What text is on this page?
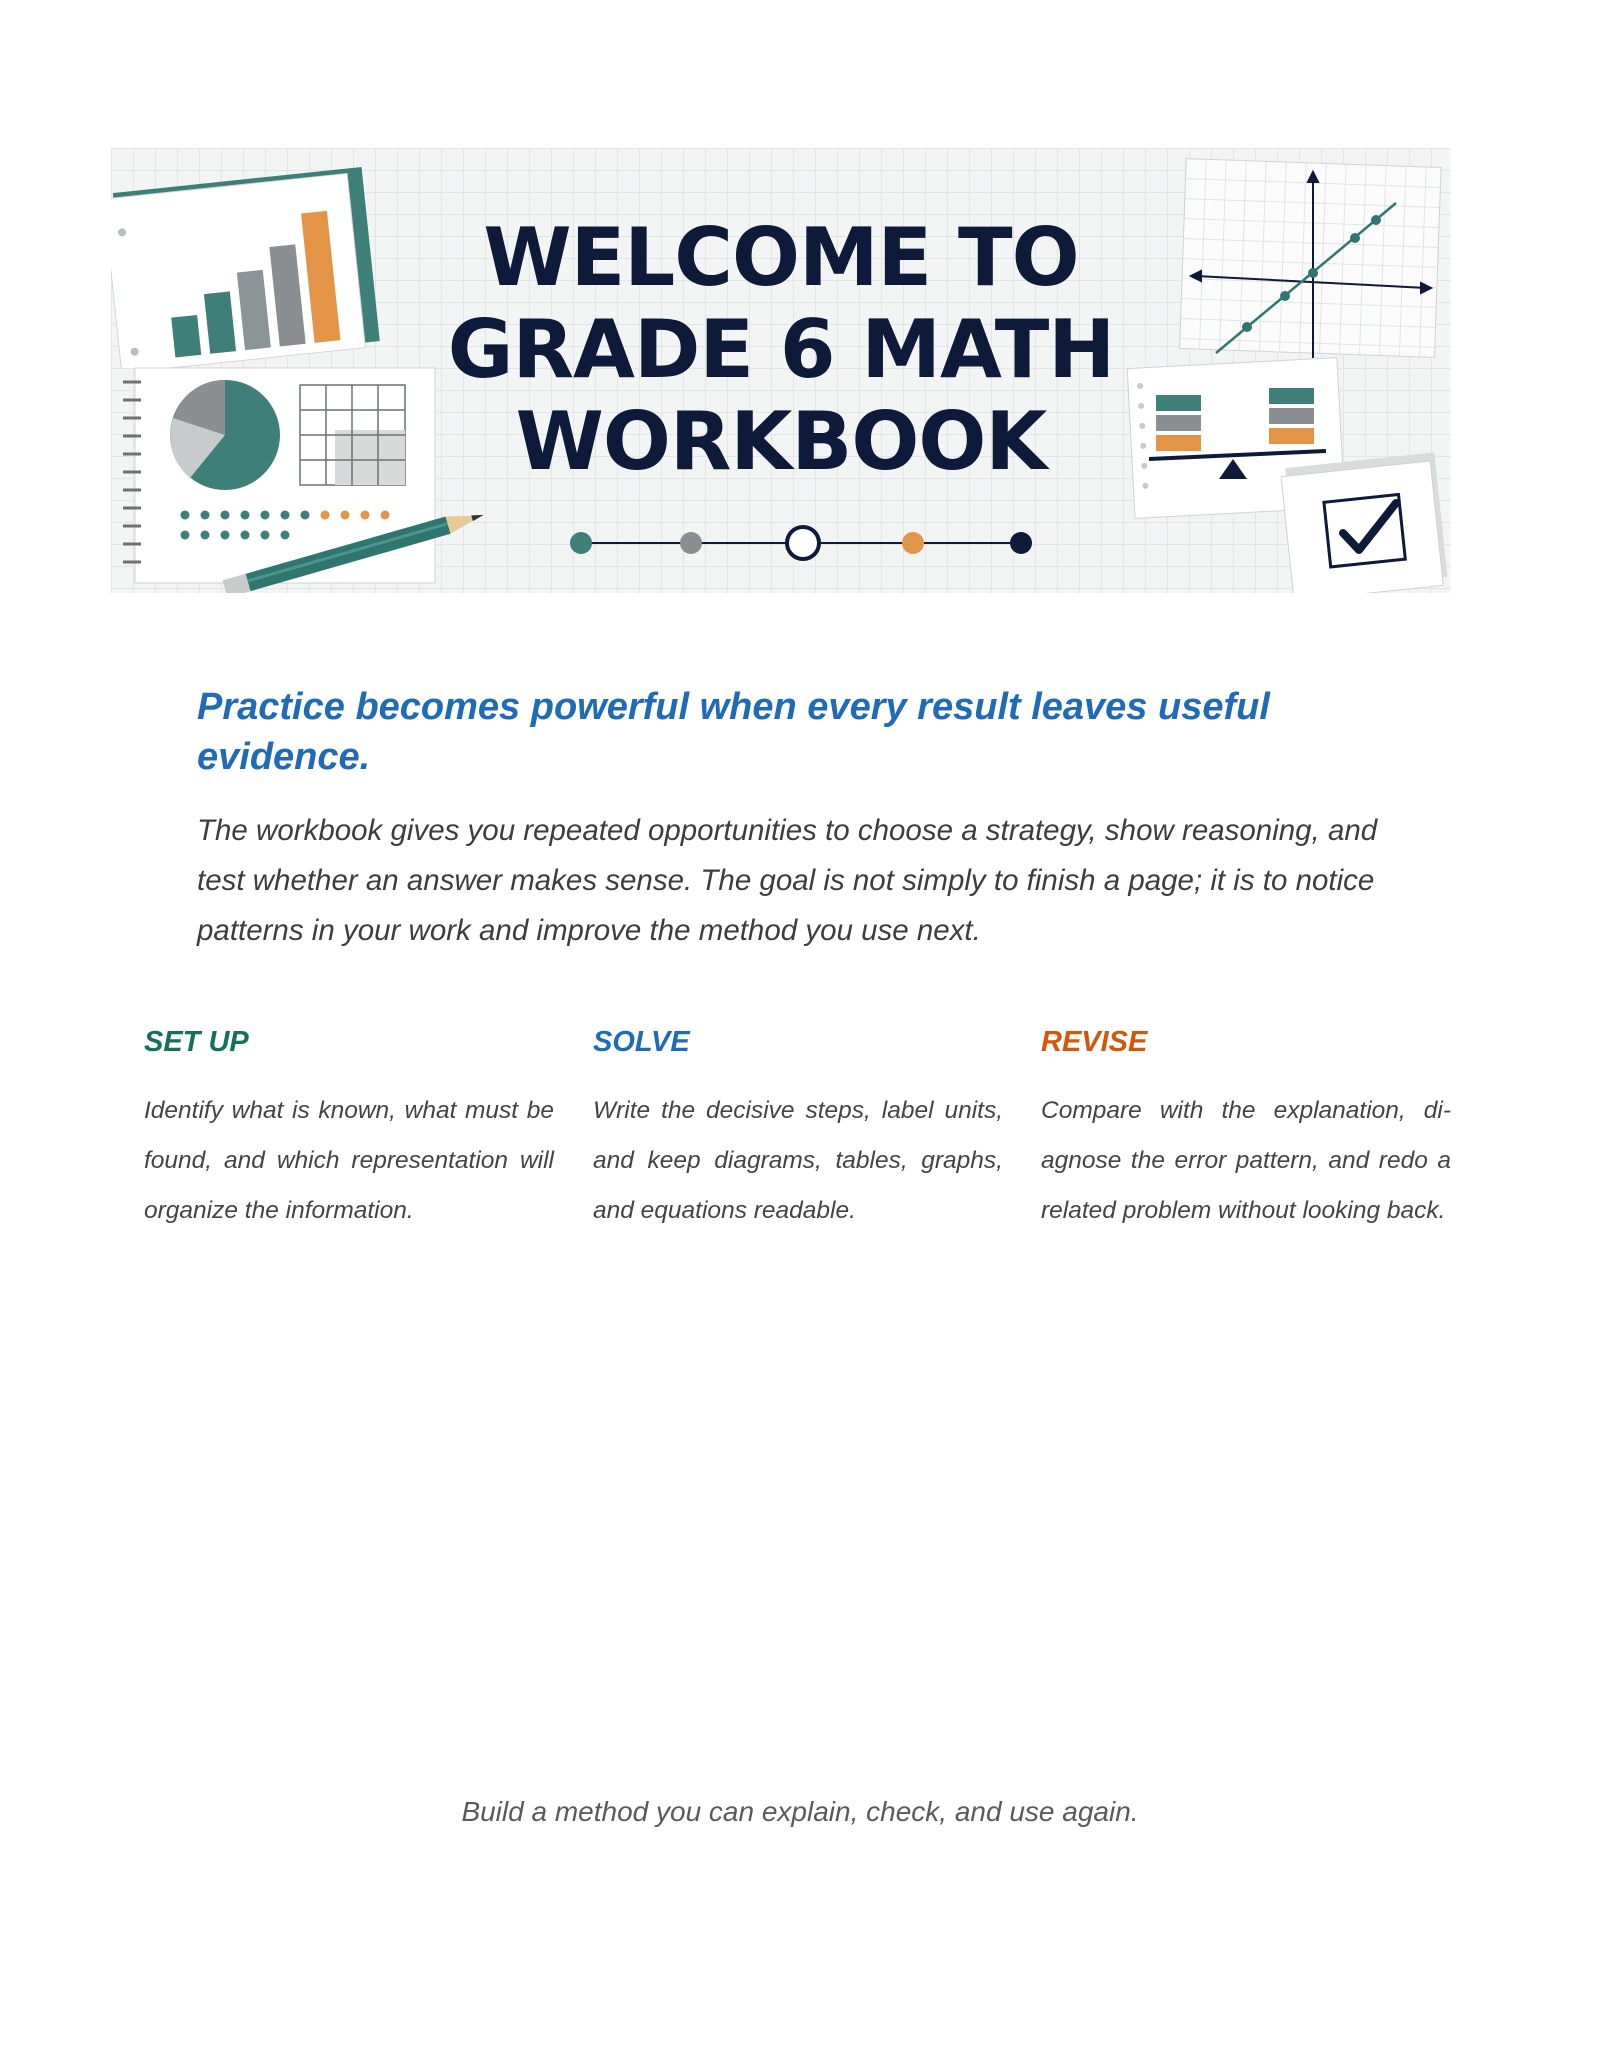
WELCOME TO
GRADE 6 MATH
WORKBOOK
Practice becomes powerful when every result leaves useful evidence.

The workbook gives you repeated opportunities to choose a strategy, show reasoning, and test whether an answer makes sense. The goal is not simply to finish a page; it is to notice patterns in your work and improve the method you use next.

SET UP

Identify what is known, what must be found, and which representation will organize the information.

SOLVE

Write the decisive steps, label units, and keep diagrams, tables, graphs, and equations readable.

REVISE

Compare with the explanation, di-agnose the error pattern, and redo a related problem without looking back.

Build a method you can explain, check, and use again.
